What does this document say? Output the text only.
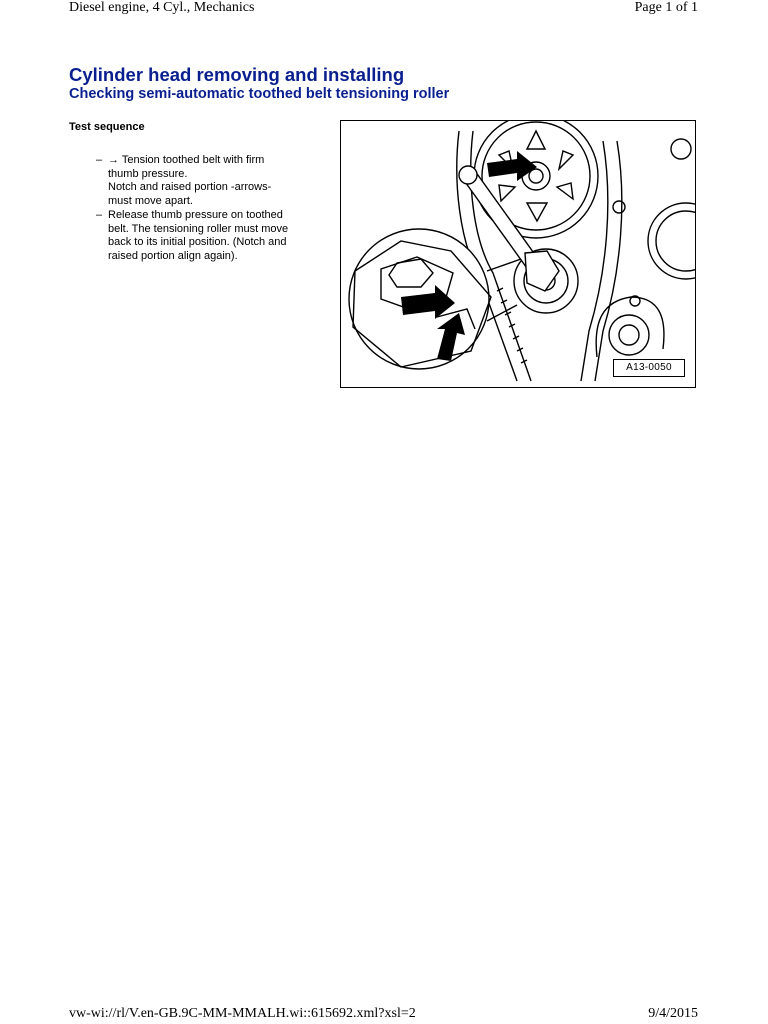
Diesel engine, 4 Cyl., Mechanics	Page 1 of 1
Cylinder head removing and installing
Checking semi-automatic toothed belt tensioning roller
Test sequence
– → Tension toothed belt with firm
thumb pressure.
Notch and raised portion -arrows-
must move apart.
– Release thumb pressure on toothed
belt. The tensioning roller must move
back to its initial position. (Notch and
raised portion align again).
A13-0050
vw-wi://rl/V.en-GB.9C-MM-MMALH.wi::615692.xml?xsl=2	9/4/2015
